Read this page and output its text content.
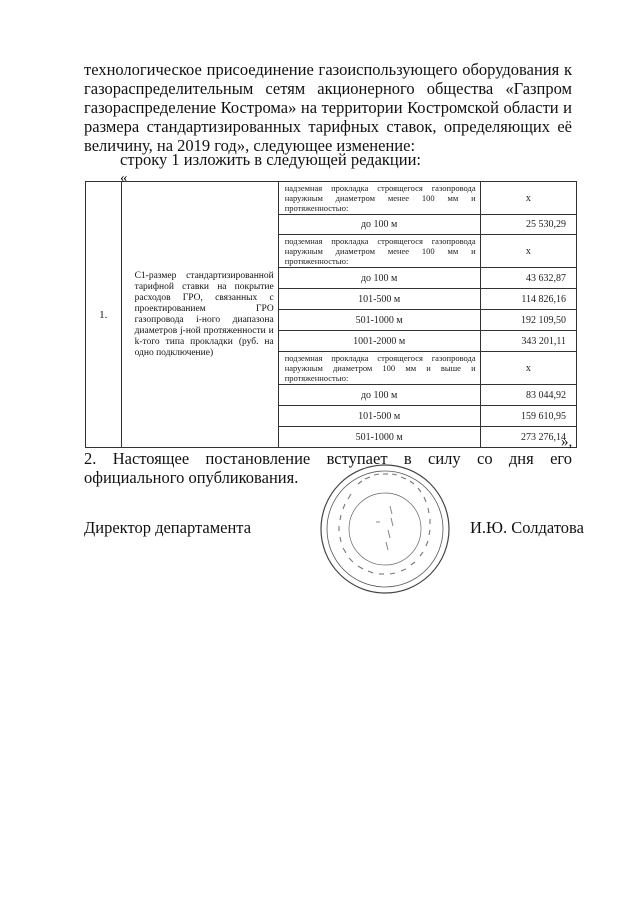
технологическое присоединение газоиспользующего оборудования к газораспределительным сетям акционерного общества «Газпром газораспределение Кострома» на территории Костромской области и размера стандартизированных тарифных ставок, определяющих её
величину, на 2019 год», следующее изменение:
строку 1 изложить в следующей редакции:
«
1.	С1-размер стандартизированной тарифной ставки на покрытие расходов ГРО, связанных с проектированием ГРО газопровода i-ного диапазона диаметров j-ной протяженности и k-того типа прокладки (руб. на одно подключение)	надземная прокладка строящегося газопровода наружным диаметром менее 100 мм и протяженностью:	х
		до 100 м	25 530,29
		подземная прокладка строящегося газопровода наружным диаметром менее 100 мм и протяженностью:	х
		до 100 м	43 632,87
		101-500 м	114 826,16
		501-1000 м	192 109,50
		1001-2000 м	343 201,11
		подземная прокладка строящегося газопровода наружным диаметром 100 мм и выше и протяженностью:	х
		до 100 м	83 044,92
		101-500 м	159 610,95
		501-1000 м	273 276,14
»,
2. Настоящее постановление вступает в силу со дня его
официального опубликования.
Директор департамента	И.Ю. Солдатова
